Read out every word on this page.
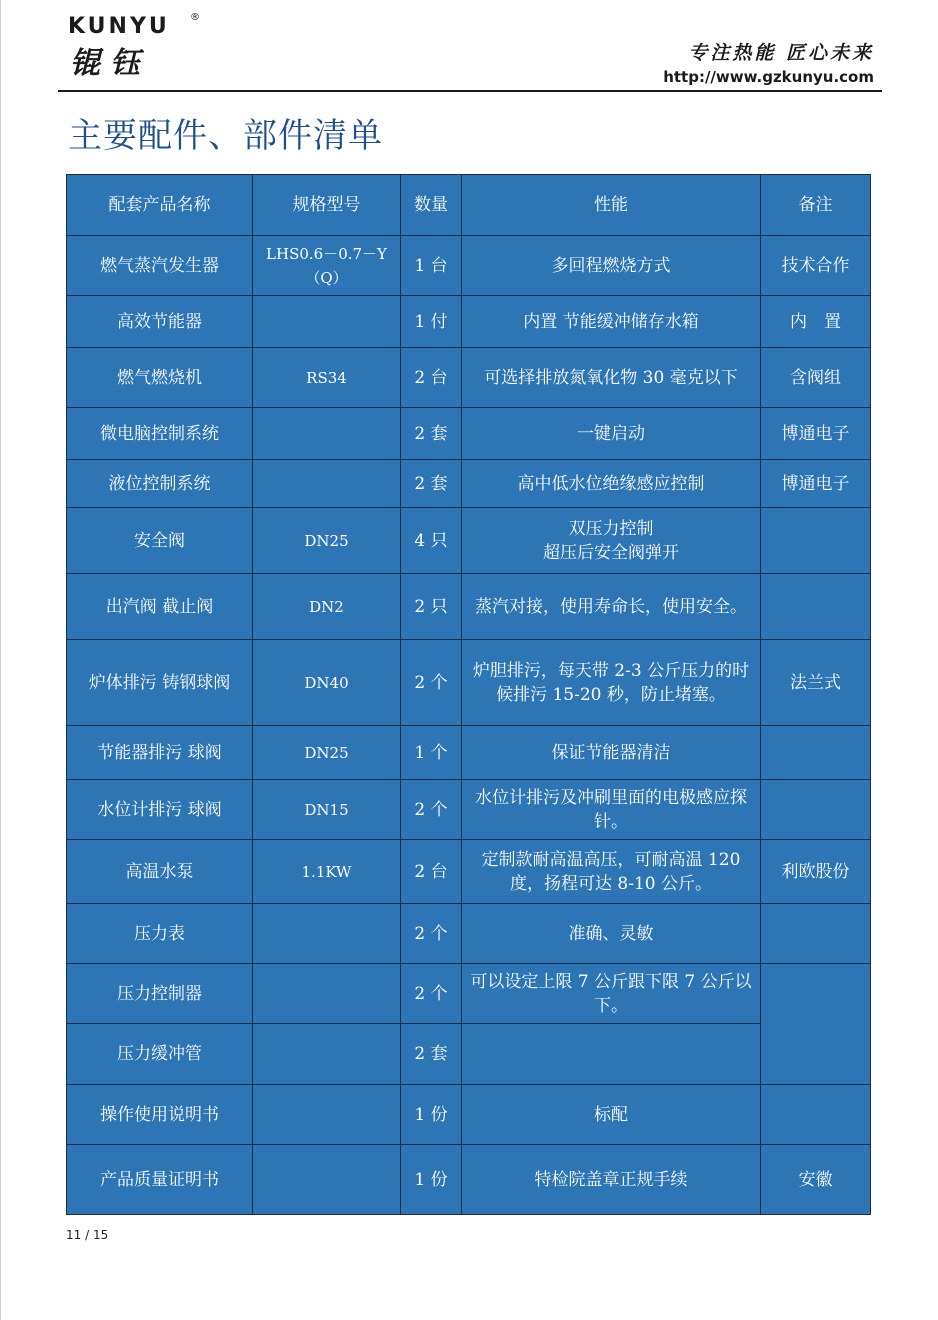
KUNYU ®
锟钰	专注热能 匠心未来
http://www.gzkunyu.com
主要配件、部件清单
配套产品名称	规格型号	数量	性能	备注
燃气蒸汽发生器	LHS0.6－0.7－Y（Q）	1 台	多回程燃烧方式	技术合作
高效节能器		1 付	内置 节能缓冲储存水箱	内　置
燃气燃烧机	RS34	2 台	可选择排放氮氧化物 30 毫克以下	含阀组
微电脑控制系统		2 套	一键启动	博通电子
液位控制系统		2 套	高中低水位绝缘感应控制	博通电子
安全阀	DN25	4 只	双压力控制
超压后安全阀弹开	

出汽阀 截止阀	DN2	2 只	蒸汽对接，使用寿命长，使用安全。	
炉体排污 铸钢球阀	DN40	2 个	炉胆排污，每天带 2-3 公斤压力的时候排污 15-20 秒，防止堵塞。	法兰式
节能器排污 球阀	DN25	1 个	保证节能器清洁	
水位计排污 球阀	DN15	2 个	水位计排污及冲刷里面的电极感应探针。	
高温水泵	1.1KW	2 台	定制款耐高温高压，可耐高温 120 度，扬程可达 8-10 公斤。	利欧股份
压力表		2 个	准确、灵敏	
压力控制器		2 个	可以设定上限 7 公斤跟下限 7 公斤以下。	
压力缓冲管		2 套		
操作使用说明书		1 份	标配	
产品质量证明书		1 份	特检院盖章正规手续	安徽
11 / 15
